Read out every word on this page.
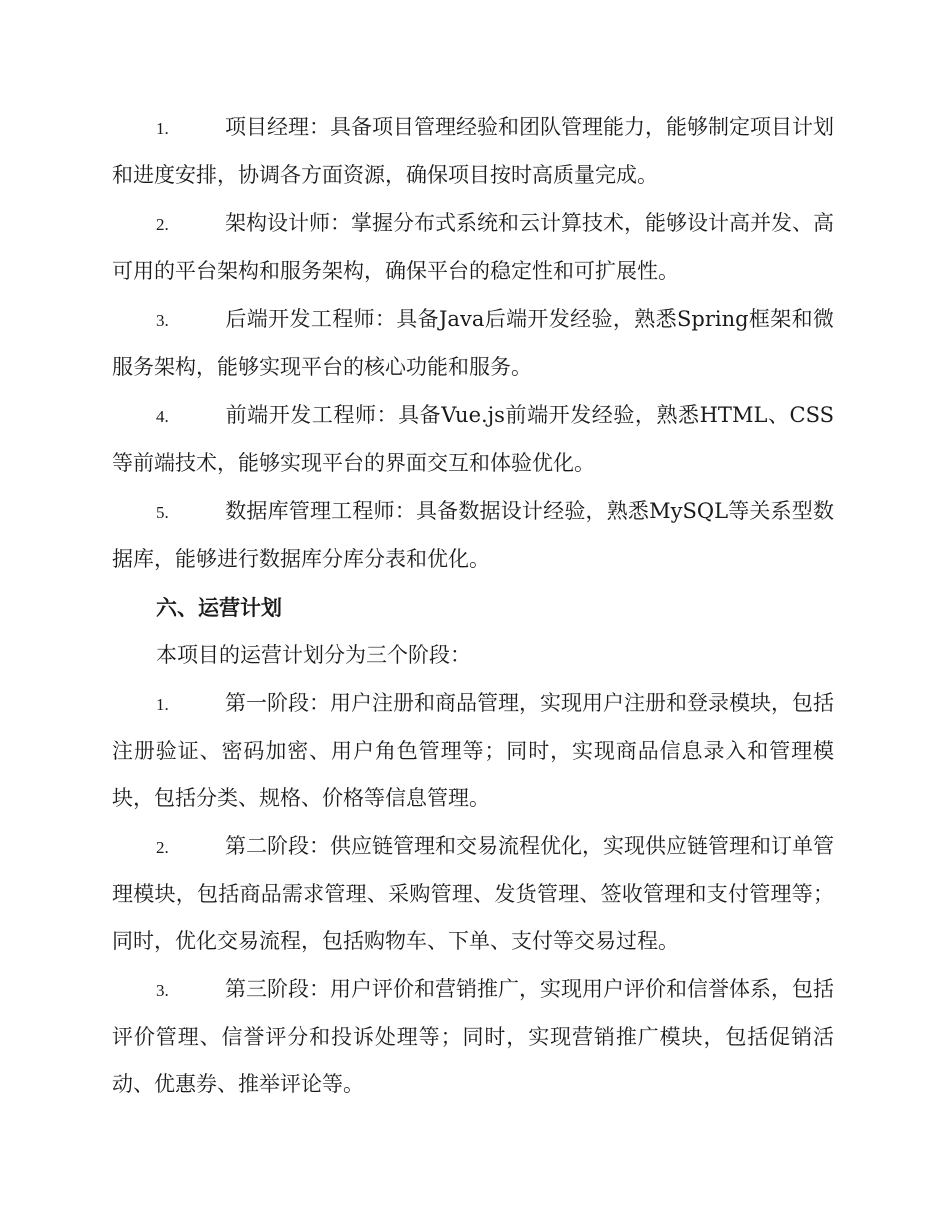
1.	项目经理：具备项目管理经验和团队管理能力，能够制定项目计划和进度安排，协调各方面资源，确保项目按时高质量完成。
2.	架构设计师：掌握分布式系统和云计算技术，能够设计高并发、高可用的平台架构和服务架构，确保平台的稳定性和可扩展性。
3.	后端开发工程师：具备Java后端开发经验，熟悉Spring框架和微服务架构，能够实现平台的核心功能和服务。
4.	前端开发工程师：具备Vue.js前端开发经验，熟悉HTML、CSS等前端技术，能够实现平台的界面交互和体验优化。
5.	数据库管理工程师：具备数据设计经验，熟悉MySQL等关系型数据库，能够进行数据库分库分表和优化。
六、运营计划
本项目的运营计划分为三个阶段：
1.	第一阶段：用户注册和商品管理，实现用户注册和登录模块，包括注册验证、密码加密、用户角色管理等；同时，实现商品信息录入和管理模块，包括分类、规格、价格等信息管理。
2.	第二阶段：供应链管理和交易流程优化，实现供应链管理和订单管理模块，包括商品需求管理、采购管理、发货管理、签收管理和支付管理等；同时，优化交易流程，包括购物车、下单、支付等交易过程。
3.	第三阶段：用户评价和营销推广，实现用户评价和信誉体系，包括评价管理、信誉评分和投诉处理等；同时，实现营销推广模块，包括促销活动、优惠券、推举评论等。
